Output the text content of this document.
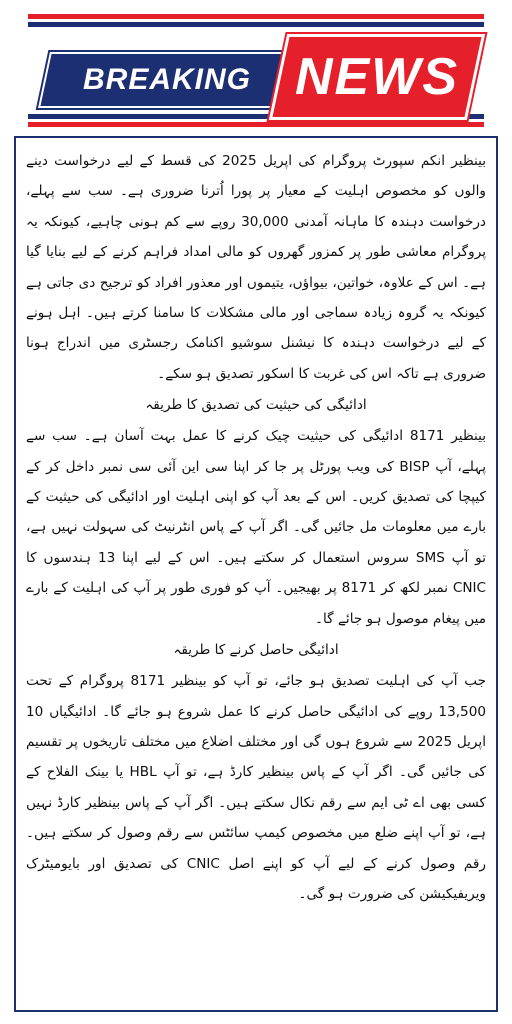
BREAKING NEWS

بینظیر انکم سپورٹ پروگرام کی اپریل 2025 کی قسط کے لیے درخواست دینے والوں کو مخصوص اہلیت کے معیار پر پورا اُترنا ضروری ہے۔ سب سے پہلے، درخواست دہندہ کا ماہانہ آمدنی 30,000 روپے سے کم ہونی چاہیے، کیونکہ یہ پروگرام معاشی طور پر کمزور گھروں کو مالی امداد فراہم کرنے کے لیے بنایا گیا ہے۔ اس کے علاوہ، خواتین، بیواؤں، یتیموں اور معذور افراد کو ترجیح دی جاتی ہے کیونکہ یہ گروہ زیادہ سماجی اور مالی مشکلات کا سامنا کرتے ہیں۔ اہل ہونے کے لیے درخواست دہندہ کا نیشنل سوشیو اکنامک رجسٹری میں اندراج ہونا ضروری ہے تاکہ اس کی غربت کا اسکور تصدیق ہو سکے۔

ادائیگی کی حیثیت کی تصدیق کا طریقہ

بینظیر 8171 ادائیگی کی حیثیت چیک کرنے کا عمل بہت آسان ہے۔ سب سے پہلے، آپ BISP کی ویب پورٹل پر جا کر اپنا سی این آئی سی نمبر داخل کر کے کیپچا کی تصدیق کریں۔ اس کے بعد آپ کو اپنی اہلیت اور ادائیگی کی حیثیت کے بارے میں معلومات مل جائیں گی۔ اگر آپ کے پاس انٹرنیٹ کی سہولت نہیں ہے، تو آپ SMS سروس استعمال کر سکتے ہیں۔ اس کے لیے اپنا 13 ہندسوں کا CNIC نمبر لکھ کر 8171 پر بھیجیں۔ آپ کو فوری طور پر آپ کی اہلیت کے بارے میں پیغام موصول ہو جائے گا۔

ادائیگی حاصل کرنے کا طریقہ

جب آپ کی اہلیت تصدیق ہو جائے، تو آپ کو بینظیر 8171 پروگرام کے تحت 13,500 روپے کی ادائیگی حاصل کرنے کا عمل شروع ہو جائے گا۔ ادائیگیاں 10 اپریل 2025 سے شروع ہوں گی اور مختلف اضلاع میں مختلف تاریخوں پر تقسیم کی جائیں گی۔ اگر آپ کے پاس بینظیر کارڈ ہے، تو آپ HBL یا بینک الفلاح کے کسی بھی اے ٹی ایم سے رقم نکال سکتے ہیں۔ اگر آپ کے پاس بینظیر کارڈ نہیں ہے، تو آپ اپنے ضلع میں مخصوص کیمپ سائٹس سے رقم وصول کر سکتے ہیں۔ رقم وصول کرنے کے لیے آپ کو اپنے اصل CNIC کی تصدیق اور بایومیٹرک ویریفیکیشن کی ضرورت ہو گی۔
